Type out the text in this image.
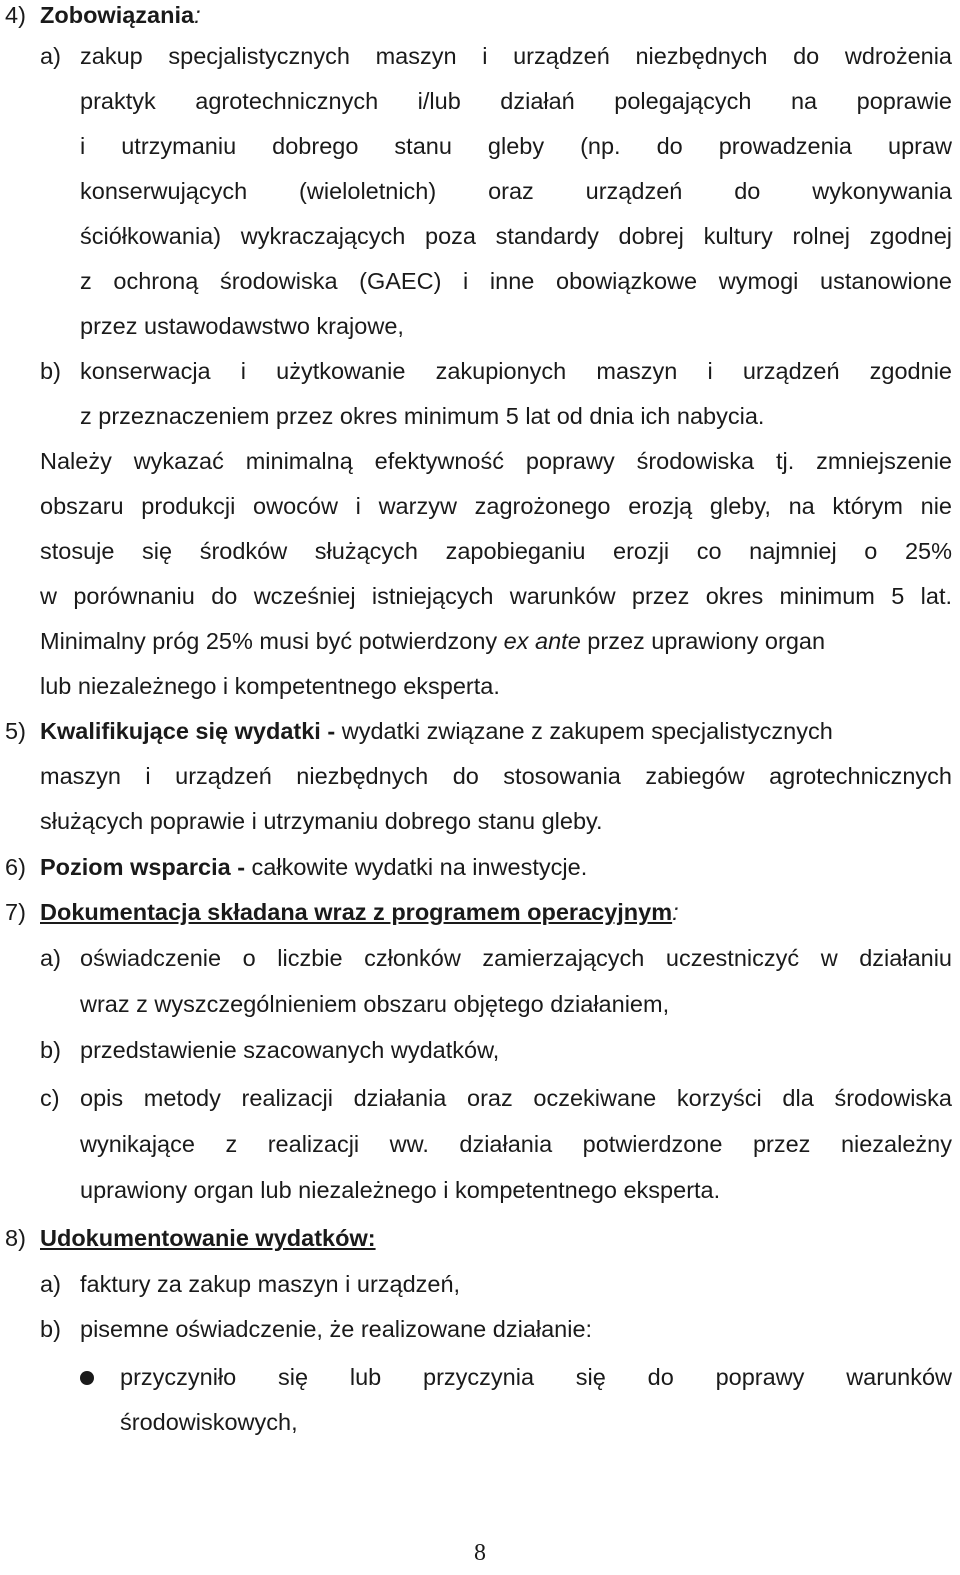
4) Zobowiązania:
a) zakup specjalistycznych maszyn i urządzeń niezbędnych do wdrożenia
praktyk agrotechnicznych i/lub działań polegających na poprawie
i utrzymaniu dobrego stanu gleby (np. do prowadzenia upraw
konserwujących (wieloletnich) oraz urządzeń do wykonywania
ściółkowania) wykraczających poza standardy dobrej kultury rolnej zgodnej
z ochroną środowiska (GAEC) i inne obowiązkowe wymogi ustanowione
przez ustawodawstwo krajowe,
b) konserwacja i użytkowanie zakupionych maszyn i urządzeń zgodnie
z przeznaczeniem przez okres minimum 5 lat od dnia ich nabycia.
Należy wykazać minimalną efektywność poprawy środowiska tj. zmniejszenie
obszaru produkcji owoców i warzyw zagrożonego erozją gleby, na którym nie
stosuje się środków służących zapobieganiu erozji co najmniej o 25%
w porównaniu do wcześniej istniejących warunków przez okres minimum 5 lat.
Minimalny próg 25% musi być potwierdzony ex ante przez uprawiony organ
lub niezależnego i kompetentnego eksperta.
5) Kwalifikujące się wydatki - wydatki związane z zakupem specjalistycznych
maszyn i urządzeń niezbędnych do stosowania zabiegów agrotechnicznych
służących poprawie i utrzymaniu dobrego stanu gleby.
6) Poziom wsparcia - całkowite wydatki na inwestycje.
7) Dokumentacja składana wraz z programem operacyjnym:
a) oświadczenie o liczbie członków zamierzających uczestniczyć w działaniu
wraz z wyszczególnieniem obszaru objętego działaniem,
b) przedstawienie szacowanych wydatków,
c) opis metody realizacji działania oraz oczekiwane korzyści dla środowiska
wynikające z realizacji ww. działania potwierdzone przez niezależny
uprawiony organ lub niezależnego i kompetentnego eksperta.
8) Udokumentowanie wydatków:
a) faktury za zakup maszyn i urządzeń,
b) pisemne oświadczenie, że realizowane działanie:
przyczyniło się lub przyczynia się do poprawy warunków
środowiskowych,
8
